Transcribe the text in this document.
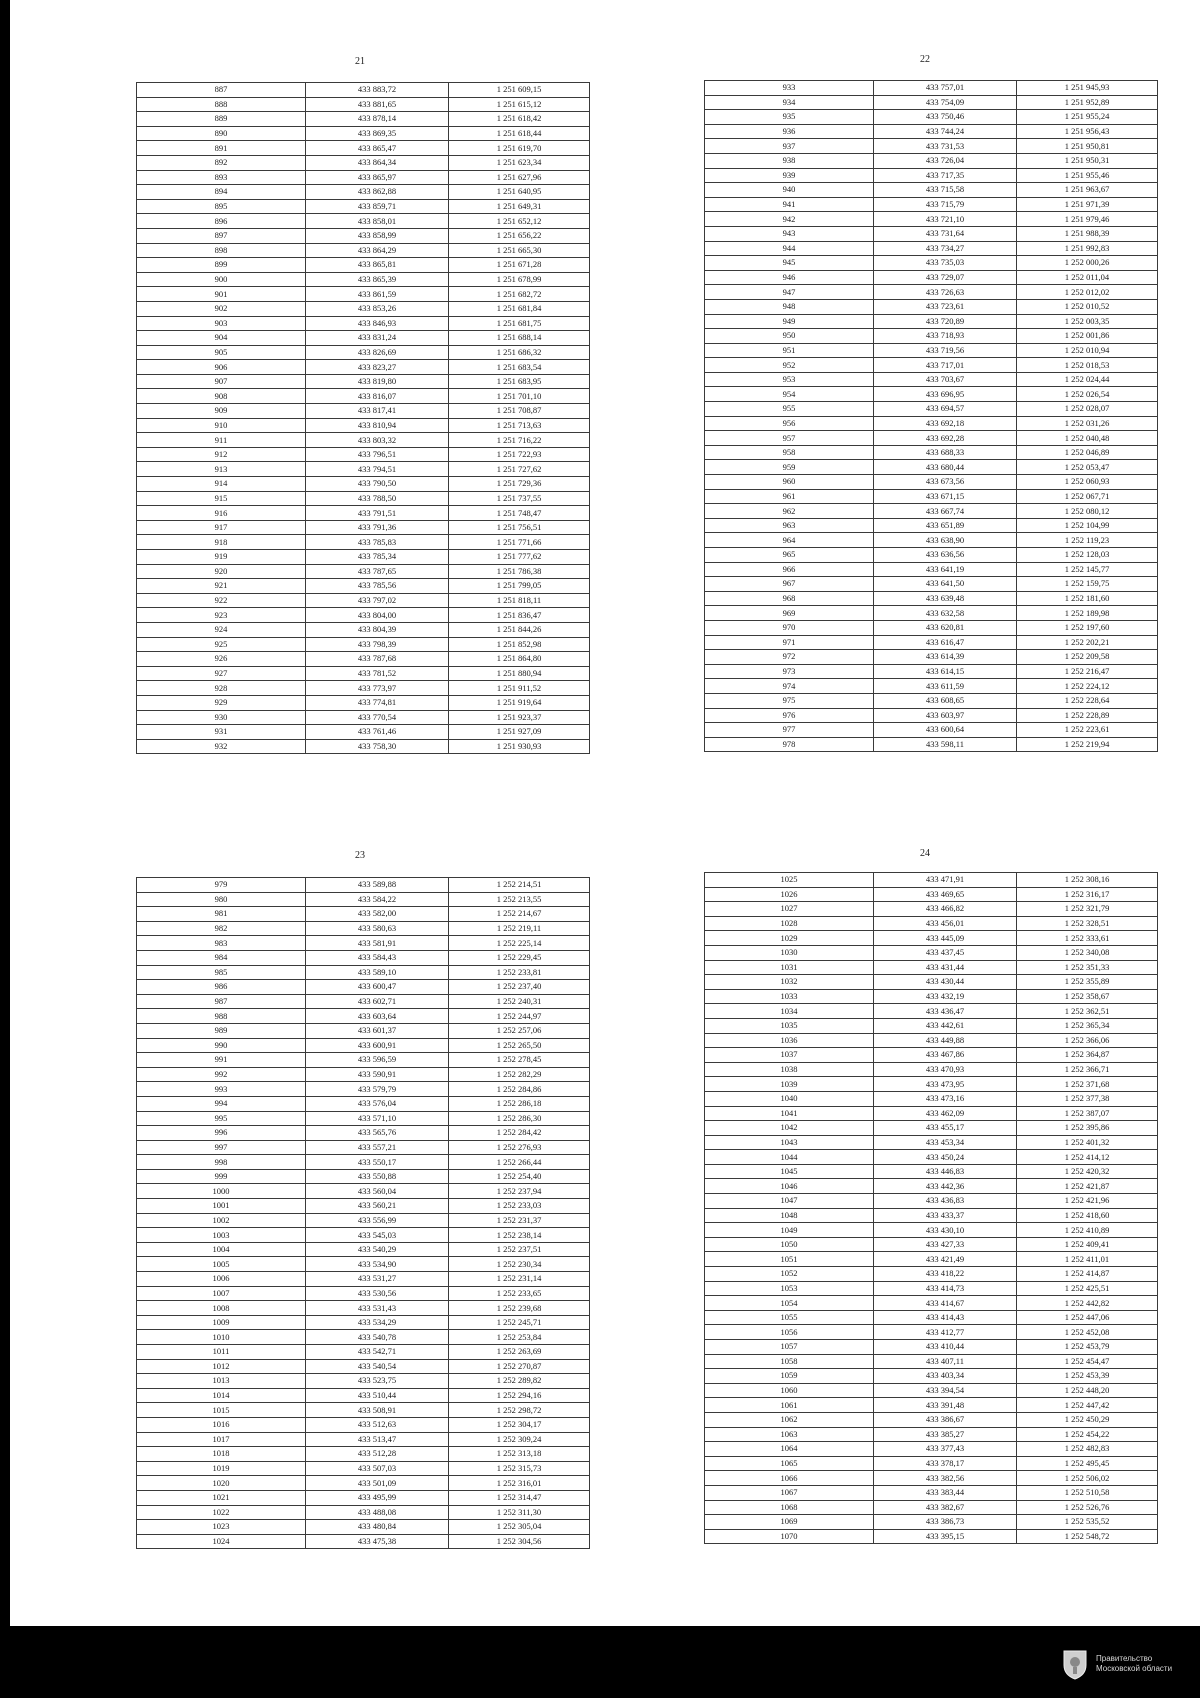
21
887	433 883,72	1 251 609,15
888	433 881,65	1 251 615,12
889	433 878,14	1 251 618,42
890	433 869,35	1 251 618,44
891	433 865,47	1 251 619,70
892	433 864,34	1 251 623,34
893	433 865,97	1 251 627,96
894	433 862,88	1 251 640,95
895	433 859,71	1 251 649,31
896	433 858,01	1 251 652,12
897	433 858,99	1 251 656,22
898	433 864,29	1 251 665,30
899	433 865,81	1 251 671,28
900	433 865,39	1 251 678,99
901	433 861,59	1 251 682,72
902	433 853,26	1 251 681,84
903	433 846,93	1 251 681,75
904	433 831,24	1 251 688,14
905	433 826,69	1 251 686,32
906	433 823,27	1 251 683,54
907	433 819,80	1 251 683,95
908	433 816,07	1 251 701,10
909	433 817,41	1 251 708,87
910	433 810,94	1 251 713,63
911	433 803,32	1 251 716,22
912	433 796,51	1 251 722,93
913	433 794,51	1 251 727,62
914	433 790,50	1 251 729,36
915	433 788,50	1 251 737,55
916	433 791,51	1 251 748,47
917	433 791,36	1 251 756,51
918	433 785,83	1 251 771,66
919	433 785,34	1 251 777,62
920	433 787,65	1 251 786,38
921	433 785,56	1 251 799,05
922	433 797,02	1 251 818,11
923	433 804,00	1 251 836,47
924	433 804,39	1 251 844,26
925	433 798,39	1 251 852,98
926	433 787,68	1 251 864,80
927	433 781,52	1 251 880,94
928	433 773,97	1 251 911,52
929	433 774,81	1 251 919,64
930	433 770,54	1 251 923,37
931	433 761,46	1 251 927,09
932	433 758,30	1 251 930,93
22
933	433 757,01	1 251 945,93
934	433 754,09	1 251 952,89
935	433 750,46	1 251 955,24
936	433 744,24	1 251 956,43
937	433 731,53	1 251 950,81
938	433 726,04	1 251 950,31
939	433 717,35	1 251 955,46
940	433 715,58	1 251 963,67
941	433 715,79	1 251 971,39
942	433 721,10	1 251 979,46
943	433 731,64	1 251 988,39
944	433 734,27	1 251 992,83
945	433 735,03	1 252 000,26
946	433 729,07	1 252 011,04
947	433 726,63	1 252 012,02
948	433 723,61	1 252 010,52
949	433 720,89	1 252 003,35
950	433 718,93	1 252 001,86
951	433 719,56	1 252 010,94
952	433 717,01	1 252 018,53
953	433 703,67	1 252 024,44
954	433 696,95	1 252 026,54
955	433 694,57	1 252 028,07
956	433 692,18	1 252 031,26
957	433 692,28	1 252 040,48
958	433 688,33	1 252 046,89
959	433 680,44	1 252 053,47
960	433 673,56	1 252 060,93
961	433 671,15	1 252 067,71
962	433 667,74	1 252 080,12
963	433 651,89	1 252 104,99
964	433 638,90	1 252 119,23
965	433 636,56	1 252 128,03
966	433 641,19	1 252 145,77
967	433 641,50	1 252 159,75
968	433 639,48	1 252 181,60
969	433 632,58	1 252 189,98
970	433 620,81	1 252 197,60
971	433 616,47	1 252 202,21
972	433 614,39	1 252 209,58
973	433 614,15	1 252 216,47
974	433 611,59	1 252 224,12
975	433 608,65	1 252 228,64
976	433 603,97	1 252 228,89
977	433 600,64	1 252 223,61
978	433 598,11	1 252 219,94
23
979	433 589,88	1 252 214,51
980	433 584,22	1 252 213,55
981	433 582,00	1 252 214,67
982	433 580,63	1 252 219,11
983	433 581,91	1 252 225,14
984	433 584,43	1 252 229,45
985	433 589,10	1 252 233,81
986	433 600,47	1 252 237,40
987	433 602,71	1 252 240,31
988	433 603,64	1 252 244,97
989	433 601,37	1 252 257,06
990	433 600,91	1 252 265,50
991	433 596,59	1 252 278,45
992	433 590,91	1 252 282,29
993	433 579,79	1 252 284,86
994	433 576,04	1 252 286,18
995	433 571,10	1 252 286,30
996	433 565,76	1 252 284,42
997	433 557,21	1 252 276,93
998	433 550,17	1 252 266,44
999	433 550,88	1 252 254,40
1000	433 560,04	1 252 237,94
1001	433 560,21	1 252 233,03
1002	433 556,99	1 252 231,37
1003	433 545,03	1 252 238,14
1004	433 540,29	1 252 237,51
1005	433 534,90	1 252 230,34
1006	433 531,27	1 252 231,14
1007	433 530,56	1 252 233,65
1008	433 531,43	1 252 239,68
1009	433 534,29	1 252 245,71
1010	433 540,78	1 252 253,84
1011	433 542,71	1 252 263,69
1012	433 540,54	1 252 270,87
1013	433 523,75	1 252 289,82
1014	433 510,44	1 252 294,16
1015	433 508,91	1 252 298,72
1016	433 512,63	1 252 304,17
1017	433 513,47	1 252 309,24
1018	433 512,28	1 252 313,18
1019	433 507,03	1 252 315,73
1020	433 501,09	1 252 316,01
1021	433 495,99	1 252 314,47
1022	433 488,08	1 252 311,30
1023	433 480,84	1 252 305,04
1024	433 475,38	1 252 304,56
24
1025	433 471,91	1 252 308,16
1026	433 469,65	1 252 316,17
1027	433 466,82	1 252 321,79
1028	433 456,01	1 252 328,51
1029	433 445,09	1 252 333,61
1030	433 437,45	1 252 340,08
1031	433 431,44	1 252 351,33
1032	433 430,44	1 252 355,89
1033	433 432,19	1 252 358,67
1034	433 436,47	1 252 362,51
1035	433 442,61	1 252 365,34
1036	433 449,88	1 252 366,06
1037	433 467,86	1 252 364,87
1038	433 470,93	1 252 366,71
1039	433 473,95	1 252 371,68
1040	433 473,16	1 252 377,38
1041	433 462,09	1 252 387,07
1042	433 455,17	1 252 395,86
1043	433 453,34	1 252 401,32
1044	433 450,24	1 252 414,12
1045	433 446,83	1 252 420,32
1046	433 442,36	1 252 421,87
1047	433 436,83	1 252 421,96
1048	433 433,37	1 252 418,60
1049	433 430,10	1 252 410,89
1050	433 427,33	1 252 409,41
1051	433 421,49	1 252 411,01
1052	433 418,22	1 252 414,87
1053	433 414,73	1 252 425,51
1054	433 414,67	1 252 442,82
1055	433 414,43	1 252 447,06
1056	433 412,77	1 252 452,08
1057	433 410,44	1 252 453,79
1058	433 407,11	1 252 454,47
1059	433 403,34	1 252 453,39
1060	433 394,54	1 252 448,20
1061	433 391,48	1 252 447,42
1062	433 386,67	1 252 450,29
1063	433 385,27	1 252 454,22
1064	433 377,43	1 252 482,83
1065	433 378,17	1 252 495,45
1066	433 382,56	1 252 506,02
1067	433 383,44	1 252 510,58
1068	433 382,67	1 252 526,76
1069	433 386,73	1 252 535,52
1070	433 395,15	1 252 548,72
Правительство
Московской области
